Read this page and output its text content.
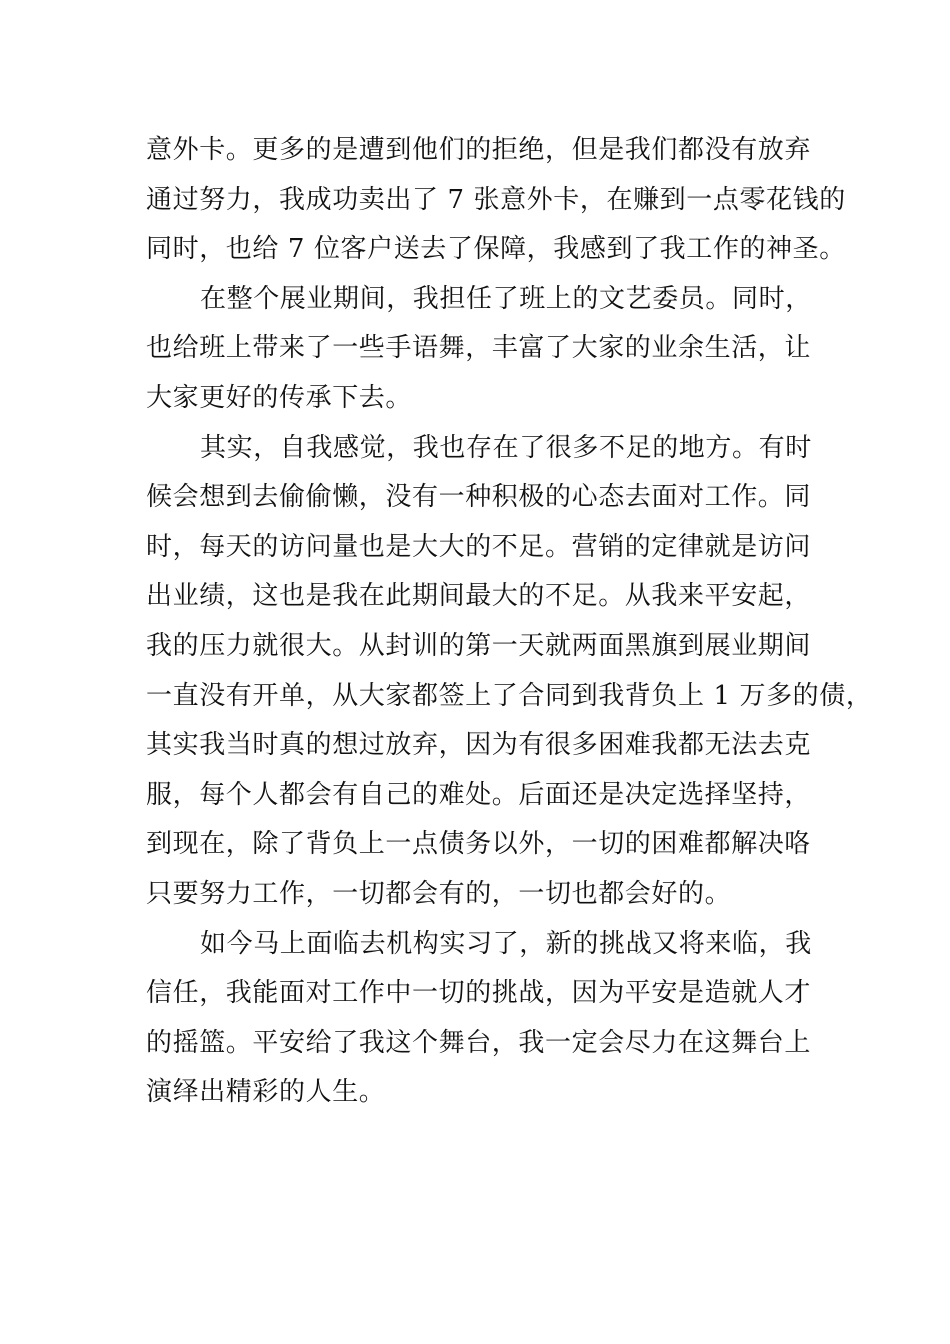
意外卡。更多的是遭到他们的拒绝，但是我们都没有放弃
通过努力，我成功卖出了 7 张意外卡，在赚到一点零花钱的
同时，也给 7 位客户送去了保障，我感到了我工作的神圣。
在整个展业期间，我担任了班上的文艺委员。同时，
也给班上带来了一些手语舞，丰富了大家的业余生活，让
大家更好的传承下去。
其实，自我感觉，我也存在了很多不足的地方。有时
候会想到去偷偷懒，没有一种积极的心态去面对工作。同
时，每天的访问量也是大大的不足。营销的定律就是访问
出业绩，这也是我在此期间最大的不足。从我来平安起，
我的压力就很大。从封训的第一天就两面黑旗到展业期间
一直没有开单，从大家都签上了合同到我背负上 1 万多的债，
其实我当时真的想过放弃，因为有很多困难我都无法去克
服，每个人都会有自己的难处。后面还是决定选择坚持，
到现在，除了背负上一点债务以外，一切的困难都解决咯
只要努力工作，一切都会有的，一切也都会好的。
如今马上面临去机构实习了，新的挑战又将来临，我
信任，我能面对工作中一切的挑战，因为平安是造就人才
的摇篮。平安给了我这个舞台，我一定会尽力在这舞台上
演绎出精彩的人生。
